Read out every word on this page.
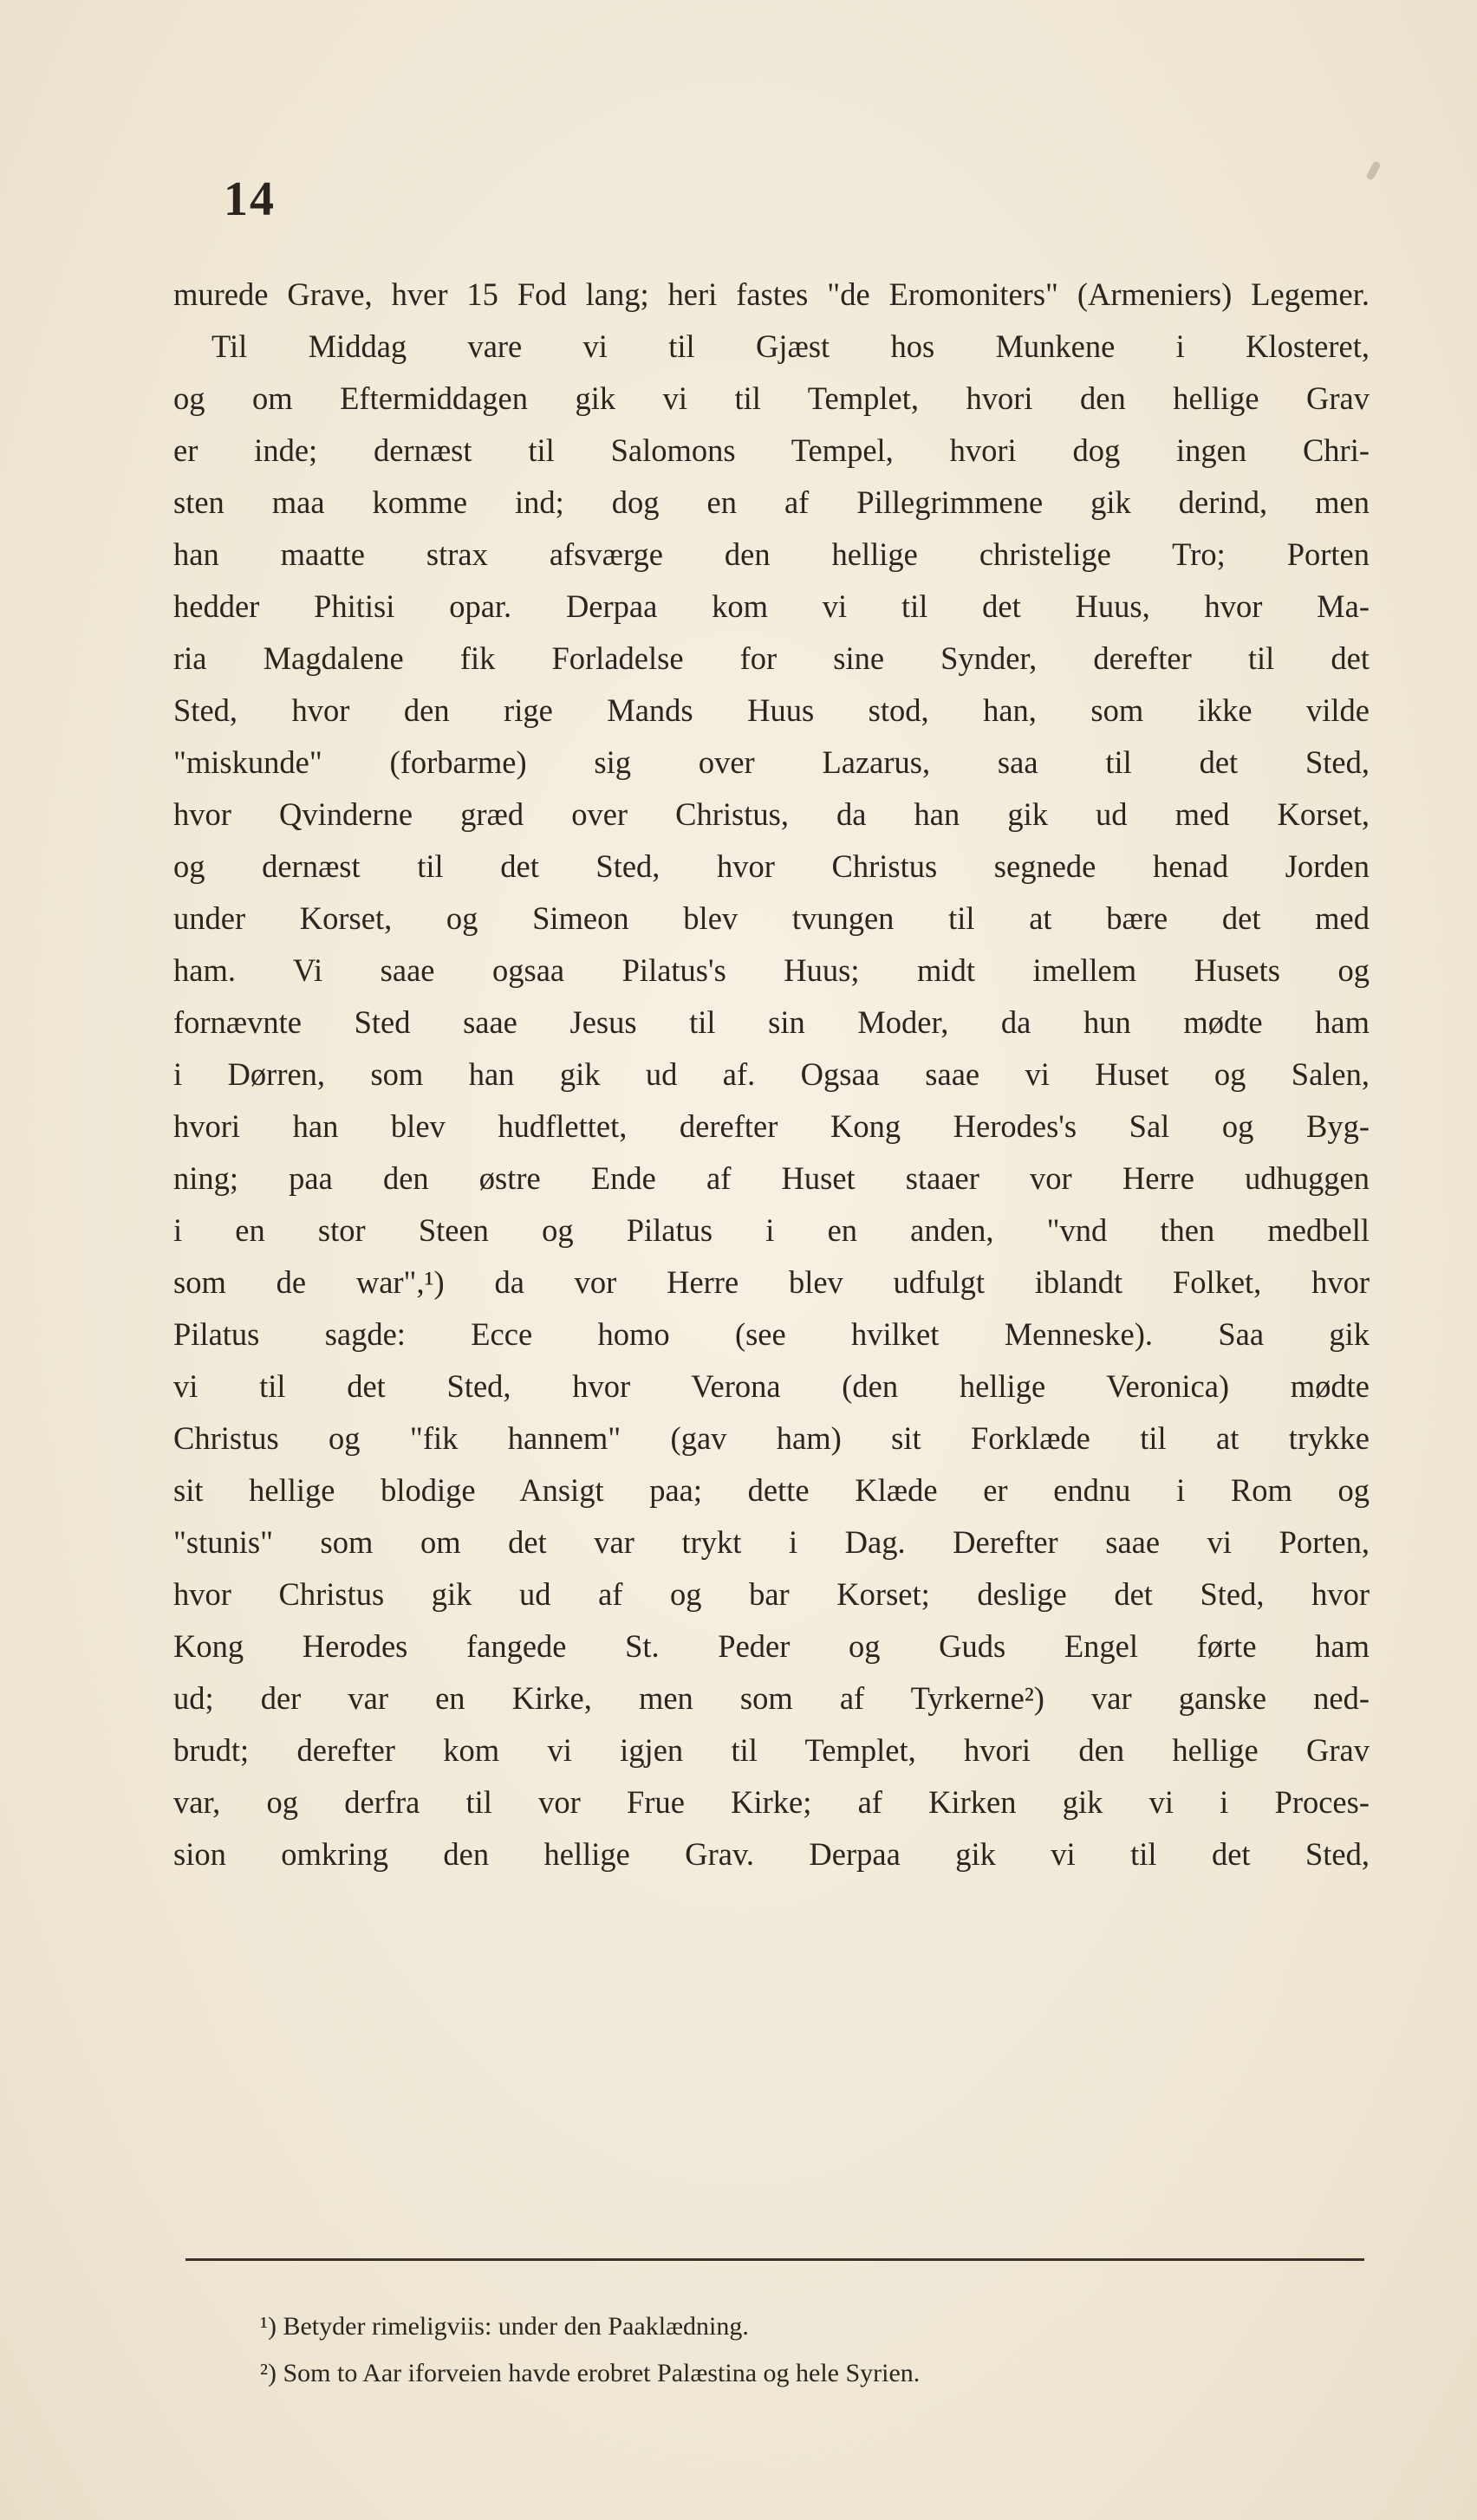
14
murede Grave, hver 15 Fod lang; heri fastes "de Eromoniters" (Armeniers) Legemer.
Til Middag vare vi til Gjæst hos Munkene i Klosteret,
og om Eftermiddagen gik vi til Templet, hvori den hellige Grav
er inde; dernæst til Salomons Tempel, hvori dog ingen Chri-
sten maa komme ind; dog en af Pillegrimmene gik derind, men
han maatte strax afsværge den hellige christelige Tro; Porten
hedder Phitisi opar. Derpaa kom vi til det Huus, hvor Ma-
ria Magdalene fik Forladelse for sine Synder, derefter til det
Sted, hvor den rige Mands Huus stod, han, som ikke vilde
"miskunde" (forbarme) sig over Lazarus, saa til det Sted,
hvor Qvinderne græd over Christus, da han gik ud med Korset,
og dernæst til det Sted, hvor Christus segnede henad Jorden
under Korset, og Simeon blev tvungen til at bære det med
ham. Vi saae ogsaa Pilatus's Huus; midt imellem Husets og
fornævnte Sted saae Jesus til sin Moder, da hun mødte ham
i Dørren, som han gik ud af. Ogsaa saae vi Huset og Salen,
hvori han blev hudflettet, derefter Kong Herodes's Sal og Byg-
ning; paa den østre Ende af Huset staaer vor Herre udhuggen
i en stor Steen og Pilatus i en anden, "vnd then medbell
som de war",¹) da vor Herre blev udfulgt iblandt Folket, hvor
Pilatus sagde: Ecce homo (see hvilket Menneske). Saa gik
vi til det Sted, hvor Verona (den hellige Veronica) mødte
Christus og "fik hannem" (gav ham) sit Forklæde til at trykke
sit hellige blodige Ansigt paa; dette Klæde er endnu i Rom og
"stunis" som om det var trykt i Dag. Derefter saae vi Porten,
hvor Christus gik ud af og bar Korset; deslige det Sted, hvor
Kong Herodes fangede St. Peder og Guds Engel førte ham
ud; der var en Kirke, men som af Tyrkerne²) var ganske ned-
brudt; derefter kom vi igjen til Templet, hvori den hellige Grav
var, og derfra til vor Frue Kirke; af Kirken gik vi i Proces-
sion omkring den hellige Grav. Derpaa gik vi til det Sted,
¹) Betyder rimeligviis: under den Paaklædning.
²) Som to Aar iforveien havde erobret Palæstina og hele Syrien.
